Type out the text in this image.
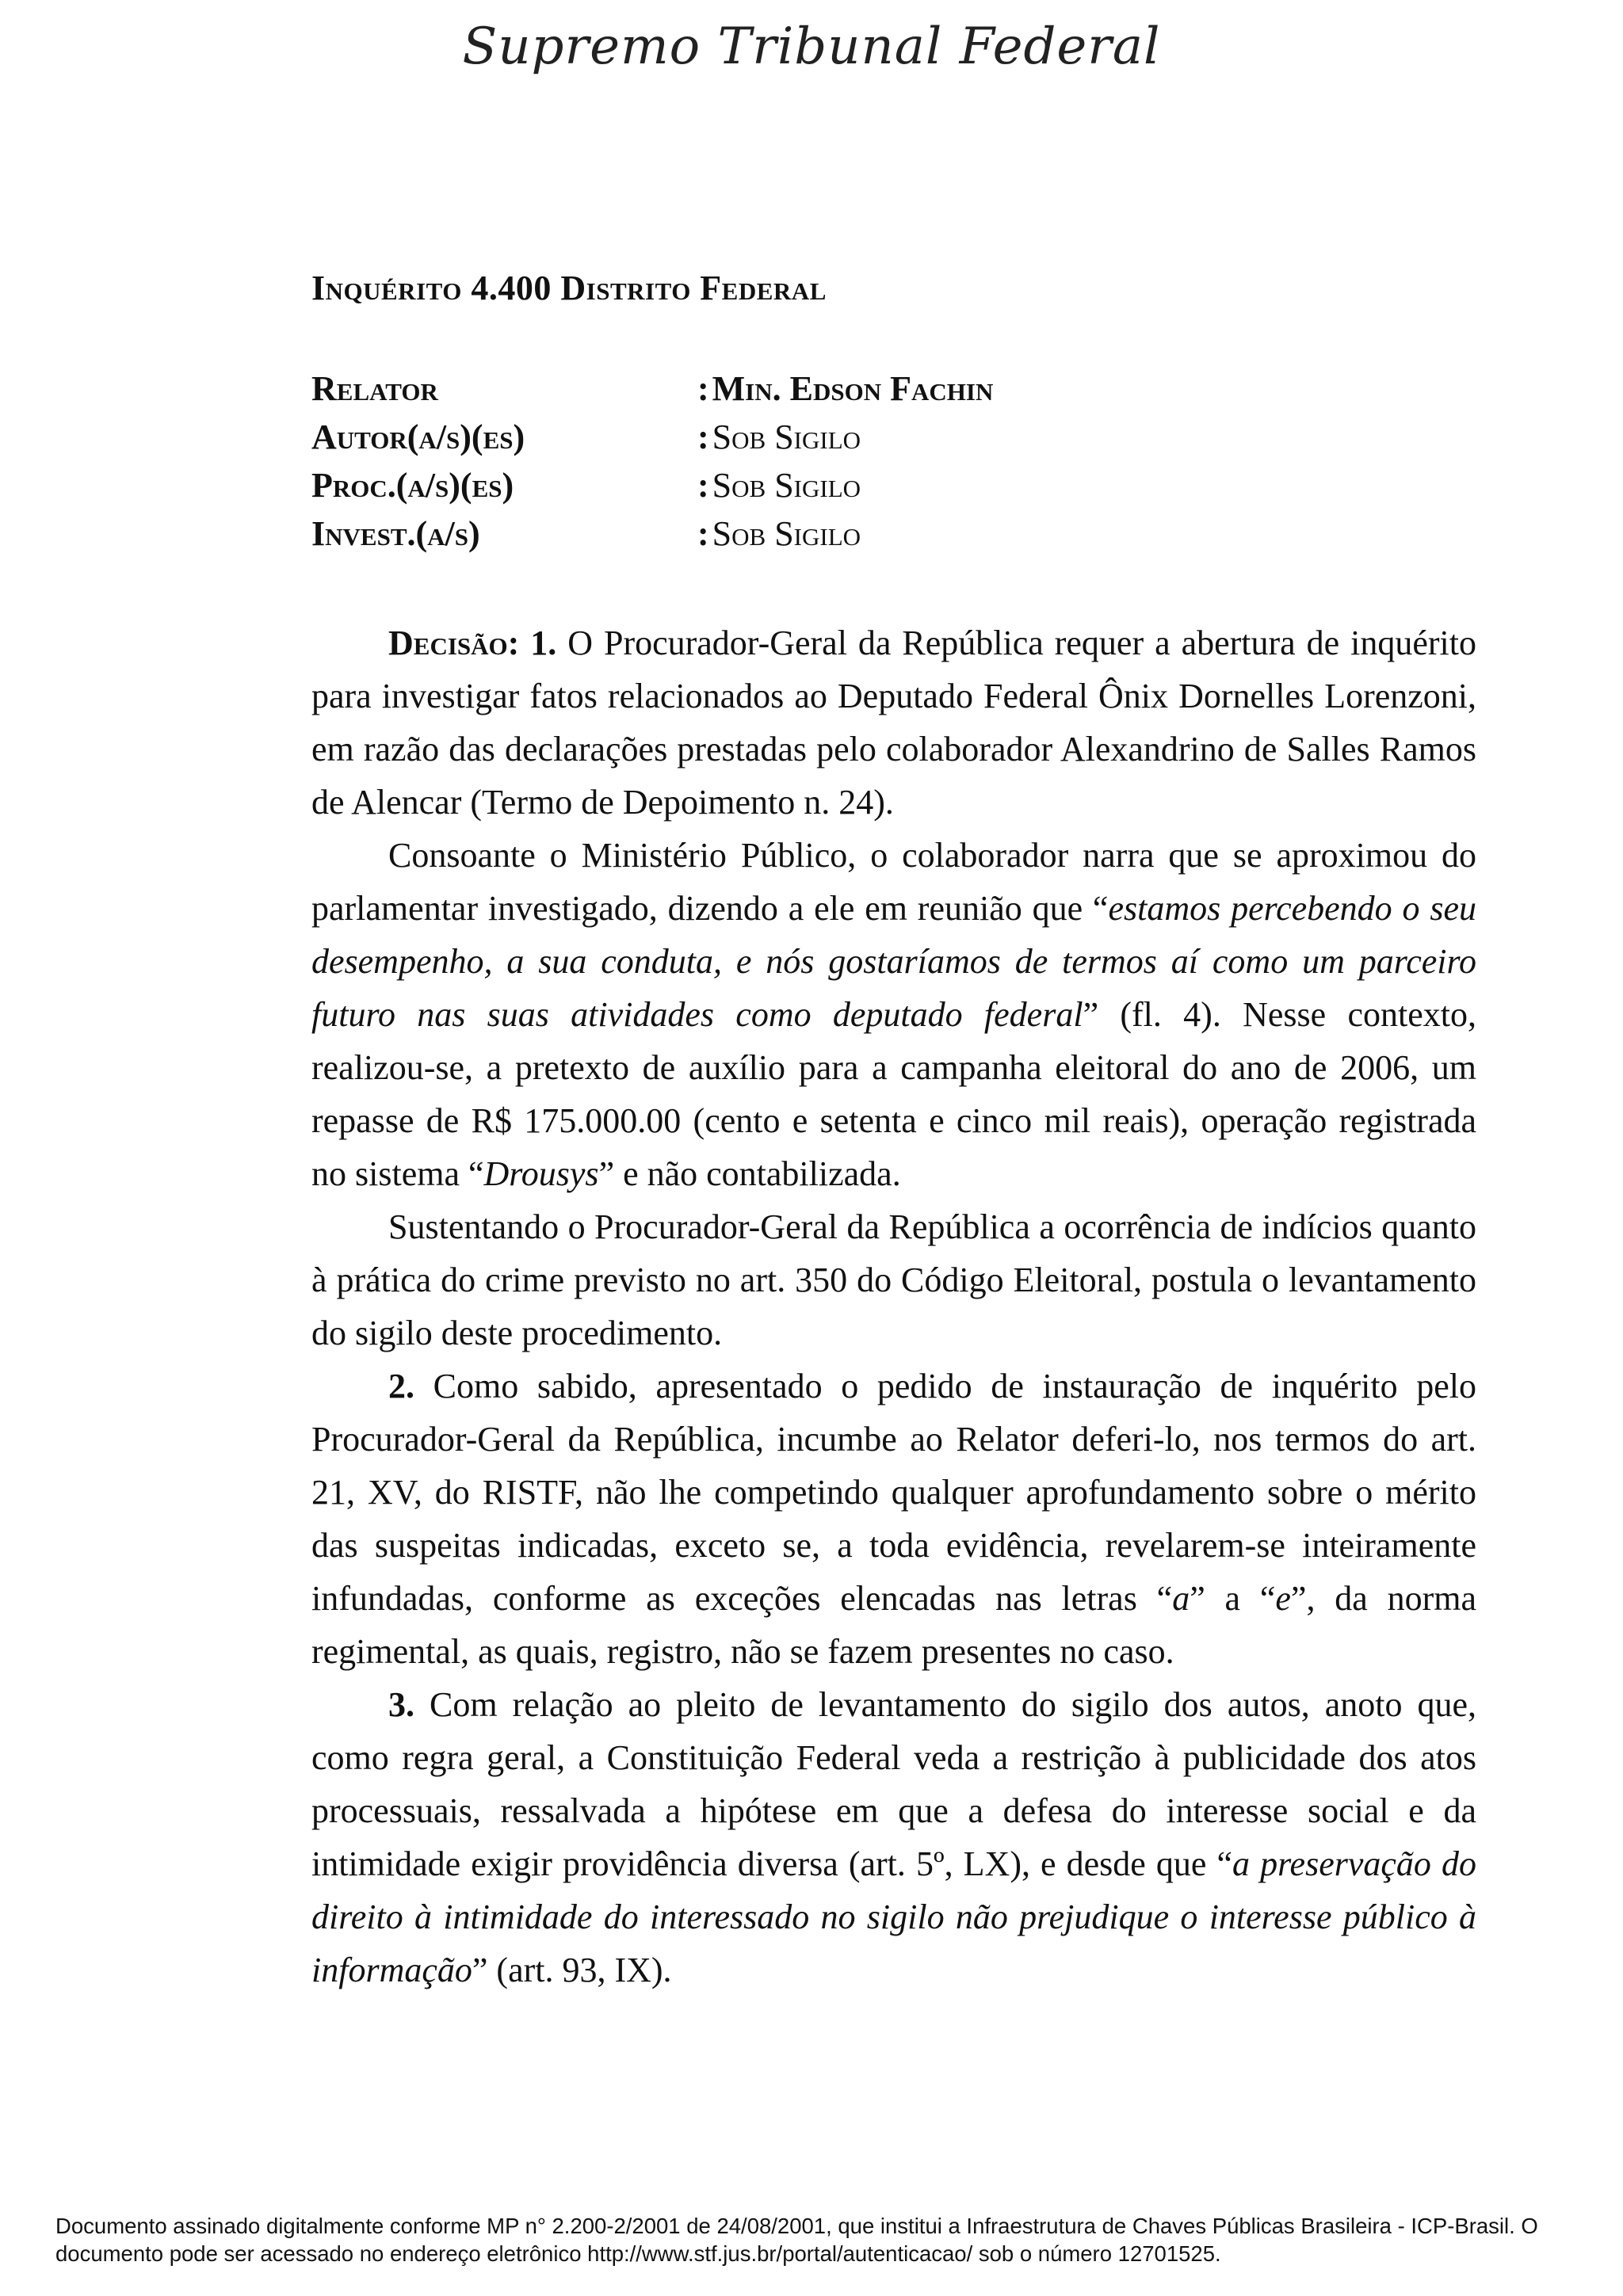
Supremo Tribunal Federal
Inquérito 4.400 Distrito Federal
Relator	: Min. Edson Fachin
Autor(a/s)(es)	: Sob Sigilo
Proc.(a/s)(es)	: Sob Sigilo
Invest.(a/s)	: Sob Sigilo

Decisão: 1. O Procurador-Geral da República requer a abertura de inquérito para investigar fatos relacionados ao Deputado Federal Ônix Dornelles Lorenzoni, em razão das declarações prestadas pelo colaborador Alexandrino de Salles Ramos de Alencar (Termo de Depoimento n. 24).

Consoante o Ministério Público, o colaborador narra que se aproximou do parlamentar investigado, dizendo a ele em reunião que “estamos percebendo o seu desempenho, a sua conduta, e nós gostaríamos de termos aí como um parceiro futuro nas suas atividades como deputado federal” (fl. 4). Nesse contexto, realizou-se, a pretexto de auxílio para a campanha eleitoral do ano de 2006, um repasse de R$ 175.000.00 (cento e setenta e cinco mil reais), operação registrada no sistema “Drousys” e não contabilizada.

Sustentando o Procurador-Geral da República a ocorrência de indícios quanto à prática do crime previsto no art. 350 do Código Eleitoral, postula o levantamento do sigilo deste procedimento.

2. Como sabido, apresentado o pedido de instauração de inquérito pelo Procurador-Geral da República, incumbe ao Relator deferi-lo, nos termos do art. 21, XV, do RISTF, não lhe competindo qualquer aprofundamento sobre o mérito das suspeitas indicadas, exceto se, a toda evidência, revelarem-se inteiramente infundadas, conforme as exceções elencadas nas letras “a” a “e”, da norma regimental, as quais, registro, não se fazem presentes no caso.

3. Com relação ao pleito de levantamento do sigilo dos autos, anoto que, como regra geral, a Constituição Federal veda a restrição à publicidade dos atos processuais, ressalvada a hipótese em que a defesa do interesse social e da intimidade exigir providência diversa (art. 5º, LX), e desde que “a preservação do direito à intimidade do interessado no sigilo não prejudique o interesse público à informação” (art. 93, IX).

Documento assinado digitalmente conforme MP n° 2.200-2/2001 de 24/08/2001, que institui a Infraestrutura de Chaves Públicas Brasileira - ICP-Brasil. O
documento pode ser acessado no endereço eletrônico http://www.stf.jus.br/portal/autenticacao/ sob o número 12701525.
